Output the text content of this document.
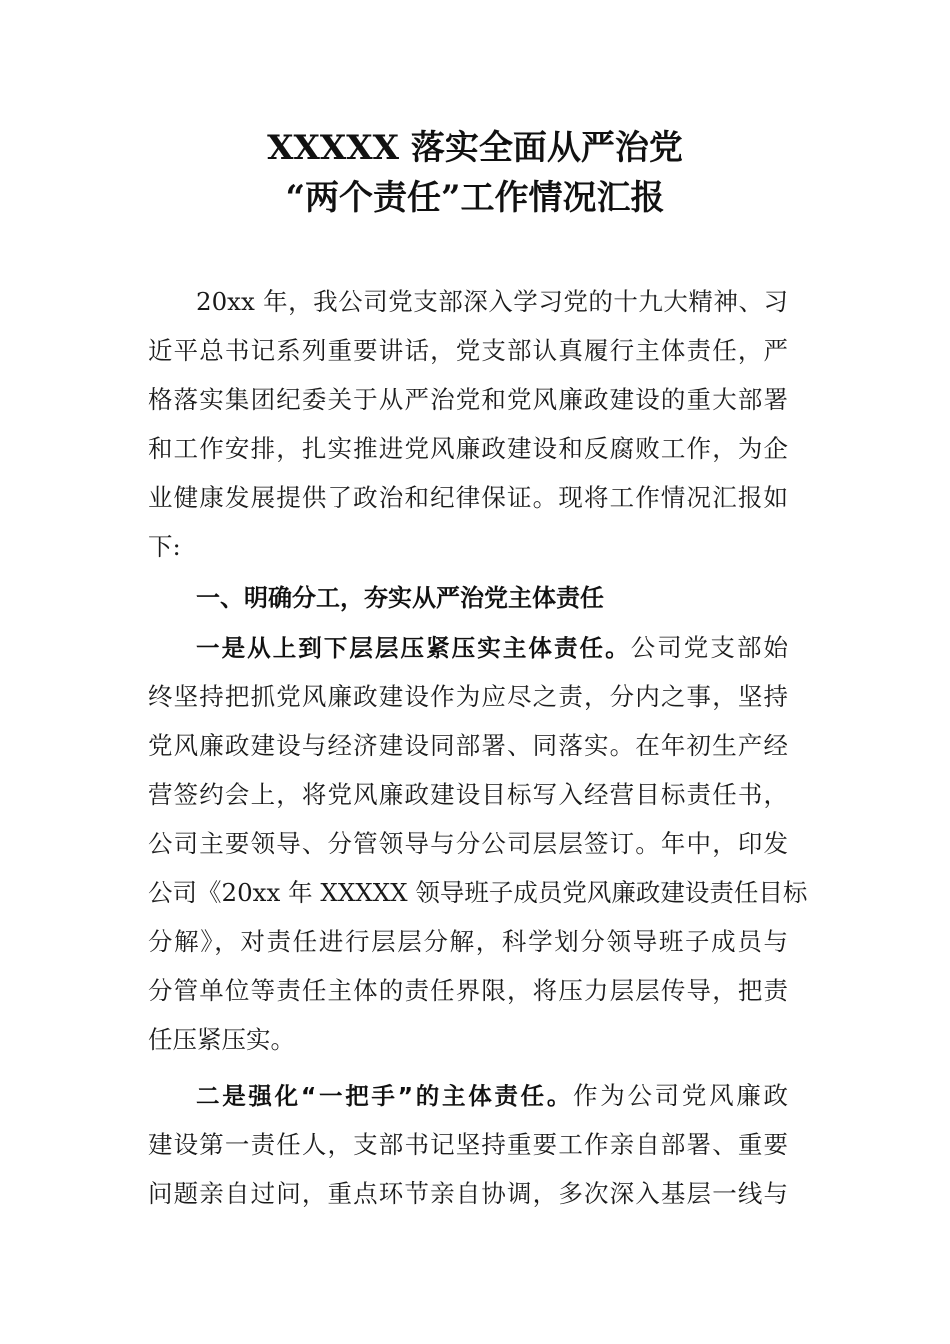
XXXXX 落实全面从严治党
“两个责任”工作情况汇报
20xx 年，我公司党支部深入学习党的十九大精神、习
近平总书记系列重要讲话，党支部认真履行主体责任，严
格落实集团纪委关于从严治党和党风廉政建设的重大部署
和工作安排，扎实推进党风廉政建设和反腐败工作，为企
业健康发展提供了政治和纪律保证。现将工作情况汇报如
下:
一、明确分工，夯实从严治党主体责任
一是从上到下层层压紧压实主体责任。公司党支部始
终坚持把抓党风廉政建设作为应尽之责，分内之事，坚持
党风廉政建设与经济建设同部署、同落实。在年初生产经
营签约会上，将党风廉政建设目标写入经营目标责任书，
公司主要领导、分管领导与分公司层层签订。年中，印发
公司《20xx 年 XXXXX 领导班子成员党风廉政建设责任目标
分解》，对责任进行层层分解，科学划分领导班子成员与
分管单位等责任主体的责任界限，将压力层层传导，把责
任压紧压实。
二是强化“一把手”的主体责任。作为公司党风廉政
建设第一责任人，支部书记坚持重要工作亲自部署、重要
问题亲自过问，重点环节亲自协调，多次深入基层一线与
